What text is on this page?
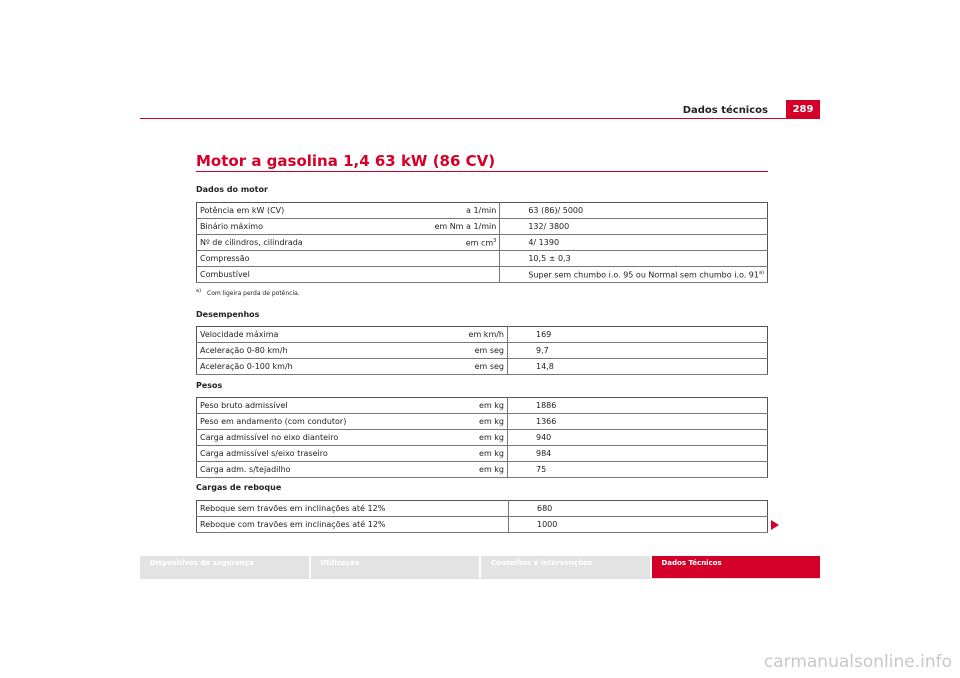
Dados técnicos	289
Motor a gasolina 1,4 63 kW (86 CV)
Dados do motor
Potência em kW (CV)	a 1/min	63 (86)/ 5000
Binário máximo	em Nm a 1/min	132/ 3800
Nº de cilindros, cilindrada	em $cm^3$	4/ 1390
Compressão		10,5 ± 0,3
Combustível		Super sem chumbo i.o. 95 ou Normal sem chumbo i.o. 91$^{a)}$
$^{a)}$ Com ligeira perda de potência.
Desempenhos
Velocidade máxima	em km/h	169
Aceleração 0-80 km/h	em seg	9,7
Aceleração 0-100 km/h	em seg	14,8
Pesos
Peso bruto admissível	em kg	1886
Peso em andamento (com condutor)	em kg	1366
Carga admissível no eixo dianteiro	em kg	940
Carga admissível s/eixo traseiro	em kg	984
Carga adm. s/tejadilho	em kg	75
Cargas de reboque
Reboque sem travões em inclinações até 12%	680
Reboque com travões em inclinações até 12%	1000
Dispositivos de segurança	Utilização	Conselhos e intervenções	Dados Técnicos
carmanualsonline.info
